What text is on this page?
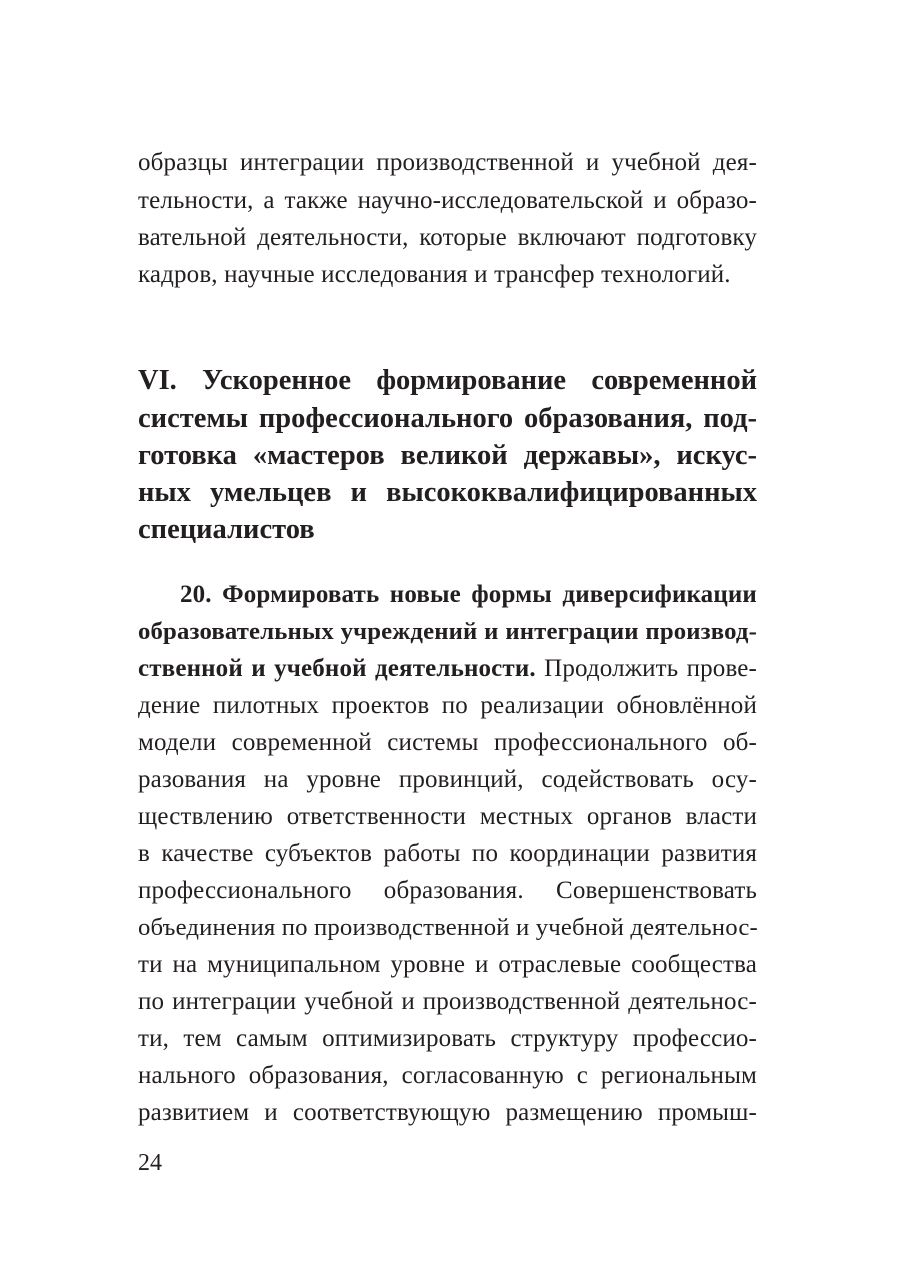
образцы интеграции производственной и учебной дея-
тельности, а также научно-исследовательской и образо-
вательной деятельности, которые включают подготовку
кадров, научные исследования и трансфер технологий.
VI. Ускоренное формирование современной
системы профессионального образования, под-
готовка «мастеров великой державы», искус-
ных умельцев и высококвалифицированных
специалистов
20. Формировать новые формы диверсификации
образовательных учреждений и интеграции производ-
ственной и учебной деятельности. Продолжить прове-
дение пилотных проектов по реализации обновлённой
модели современной системы профессионального об-
разования на уровне провинций, содействовать осу-
ществлению ответственности местных органов власти
в качестве субъектов работы по координации развития
профессионального образования. Совершенствовать
объединения по производственной и учебной деятельнос-
ти на муниципальном уровне и отраслевые сообщества
по интеграции учебной и производственной деятельнос-
ти, тем самым оптимизировать структуру профессио-
нального образования, согласованную с региональным
развитием и соответствующую размещению промыш-
24
